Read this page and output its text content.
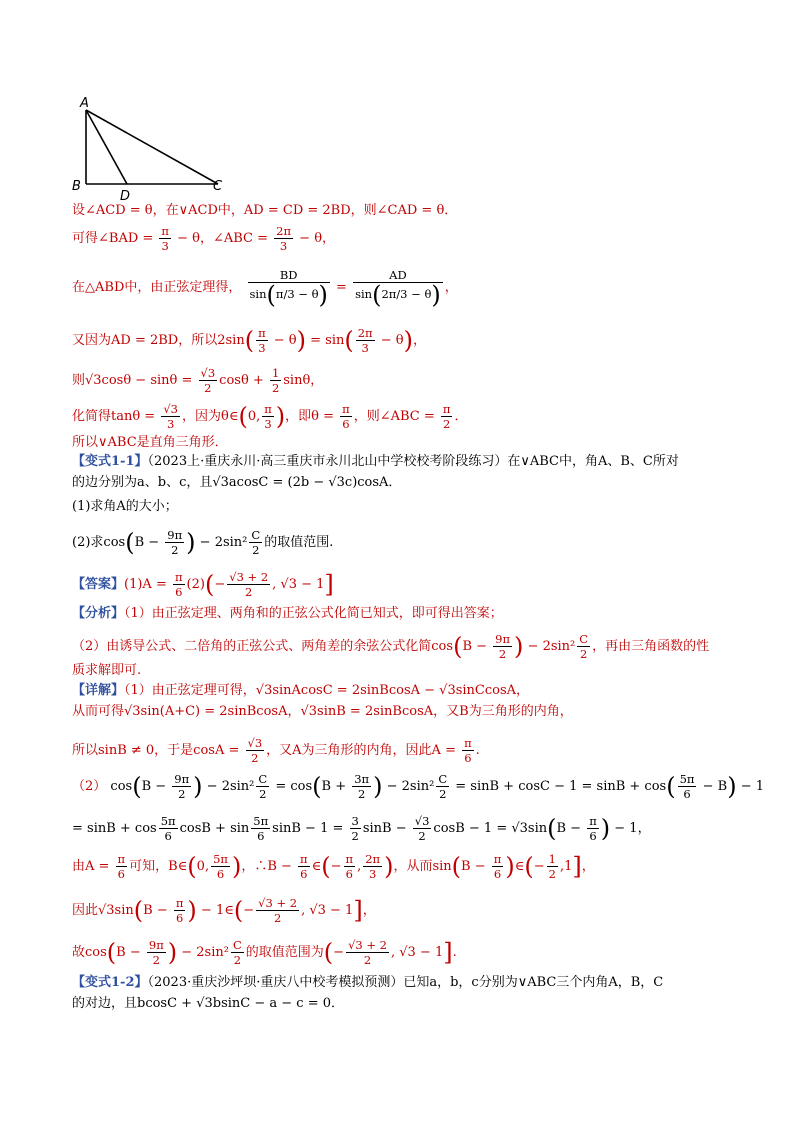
A
B
D
C
设∠ACD = θ，在∨ACD中，AD = CD = 2BD，则∠CAD = θ．
可得∠BAD = $\frac{\pi}{3} - \theta$，∠ABC = $\frac{2\pi}{3} - \theta$，
在△ABD中，由正弦定理得， $\frac{BD}{\sin(\pi/3 - \theta)} = \frac{AD}{\sin(2\pi/3 - \theta)}$ ，
又因为AD = 2BD，所以$2\sin( \frac{\pi}{3} - \theta) = \sin( \frac{2\pi}{3} - \theta)$，
则$√3\cos\theta - \sin\theta = \frac{√3}{2}$ $\cos\theta + \frac{1}{2}$ sinθ，
化简得$\tan\theta = \frac{√3}{3}$ ，因为θ∈(0, $\frac{\pi}{3}$ )，即$\theta = \frac{\pi}{6}$ ，则∠ABC = $\frac{\pi}{2}$ ．
所以∨ABC是直角三角形．
【变式1-1】（2023上·重庆永川·高三重庆市永川北山中学校校考阶段练习）在∨ABC中，角A、B、C所对
的边分别为a、b、c，且√3acosC = (2b − √3c)cosA．
(1)求角A的大小；
(2)求$\cos(B - \frac{9\pi}{2}$ ) − $2\sin^2 \frac{C}{2}$ 的取值范围.
【答案】$(1)A = \frac{\pi}{6} (2)(- \frac{√3 + 2}{2}$ , √3 − 1]
【分析】（1）由正弦定理、两角和的正弦公式化简已知式，即可得出答案；
（2）由诱导公式、二倍角的正弦公式、两角差的余弦公式化简$\cos(B - \frac{9\pi}{2}$ ) − $2\sin^2 \frac{C}{2}$ ，再由三角函数的性
质求解即可.
【详解】（1）由正弦定理可得，√3sinAcosC = 2sinBcosA − √3sinCcosA，
从而可得√3sin(A+C) = 2sinBcosA，√3sinB = 2sinBcosA，又B为三角形的内角，
所以sinB ≠ 0，于是$\cos A = \frac{√3}{2}$ ，又A为三角形的内角，因此$A = \frac{\pi}{6}$ .
（2） $\cos(B - \frac{9\pi}{2}$ ) − $2\sin^2 \frac{C}{2} = \cos(B + \frac{3\pi}{2}$ ) − $2\sin^2 \frac{C}{2} = \sin B + \cos C - 1 = \sin B + \cos( \frac{5\pi}{6} - B) - 1$
= $\sin B + \cos \frac{5\pi}{6}$ $\cos B + \sin \frac{5\pi}{6}$ $\sin B - 1 = \frac{3}{2}$ $\sin B - \frac{√3}{2}$ $\cos B - 1 = √3\sin(B - \frac{\pi}{6}$ ) − 1，
由$A = \frac{\pi}{6}$ 可知，B∈(0, $\frac{5\pi}{6}$ )，∴B − $\frac{\pi}{6}$ ∈(− $\frac{\pi}{6}$ , $\frac{2\pi}{3}$ )，从而$\sin(B - \frac{\pi}{6}$ )∈(− $\frac{1}{2} ,1$]，
因此$√3\sin(B - \frac{\pi}{6}$ ) − 1∈(− $\frac{√3 + 2}{2}$ , √3 − 1]，
故$\cos(B - \frac{9\pi}{2}$ ) − $2\sin^2 \frac{C}{2}$ 的取值范围为(− $\frac{√3 + 2}{2}$ , √3 − 1].
【变式1-2】（2023·重庆沙坪坝·重庆八中校考模拟预测）已知a，b，c分别为∨ABC三个内角A，B，C
的对边，且bcosC + √3bsinC − a − c = 0．
